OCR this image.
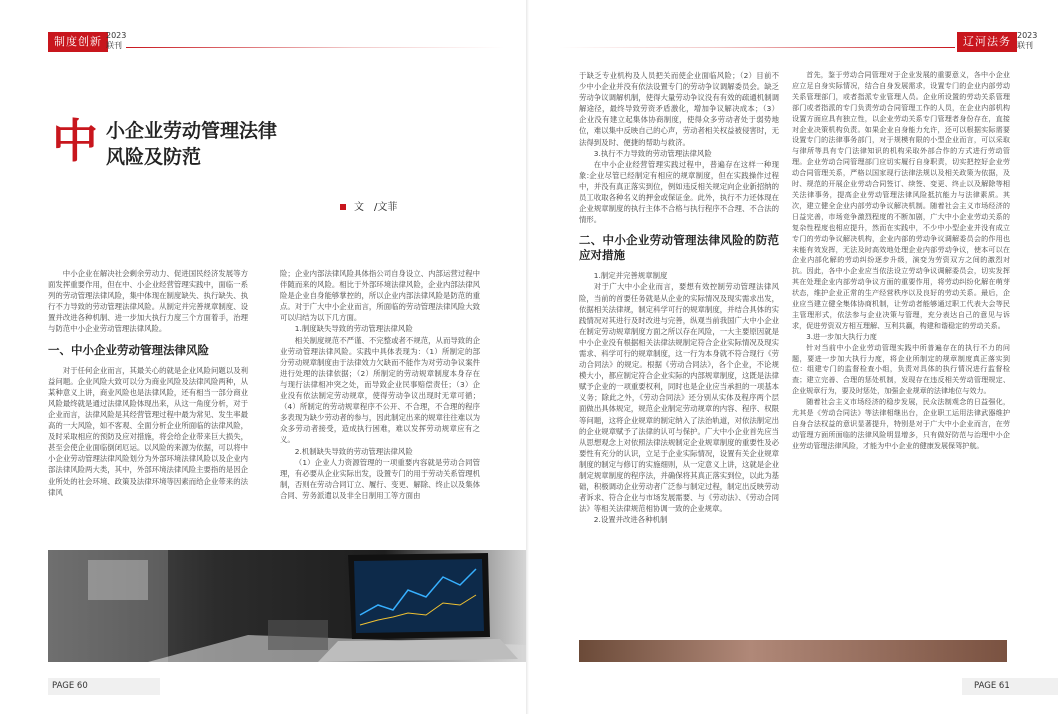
制度创新 2023
联刊
中 小企业劳动管理法律
风险及防范
文　/文菲

中小企业在解决社会剩余劳动力、促进国民经济发展等方面发挥重要作用，但在中、小企业经营管理实践中，面临一系列的劳动管理法律风险，集中体现在制度缺失、执行缺失、执行不力导致的劳动管理法律风险。从制定并完善规章制度、设置并改进各种机制、进一步加大执行力度三个方面着手，治理与防范中小企业劳动管理法律风险。

一、中小企业劳动管理法律风险

对于任何企业而言，其最关心的就是企业风险问题以及利益问题。企业风险大致可以分为商业风险及法律风险两种，从某种意义上讲，商业风险也是法律风险，还有相当一部分商业风险最终就是通过法律风险体现出来，从这一角度分析，对于企业而言，法律风险是其经营管理过程中最为常见、发生率最高的一大风险，如不客观、全面分析企业所面临的法律风险，及时采取相应的预防及应对措施，将会给企业带来巨大损失，甚至会使企业面临倒闭厄运。以风险的来源为依据，可以将中小企业劳动管理法律风险划分为外部环境法律风险以及企业内部法律风险两大类，其中，外部环境法律风险主要指的是因企业所处的社会环境、政策及法律环境等因素而给企业带来的法律风

险；企业内部法律风险具体指公司自身设立、内部运营过程中伴随而来的风险。相比于外部环境法律风险，企业内部法律风险是企业自身能够掌控的，所以企业内部法律风险是防范的重点。对于广大中小企业而言，所面临的劳动管理法律风险大致可以归结为以下几方面。

1.制度缺失导致的劳动管理法律风险

相关制度规范不严谨、不完整或者不规范，从而导致的企业劳动管理法律风险。实践中具体表现为：（1）所制定的部分劳动规章制度由于法律效力欠缺而不能作为对劳动争议案件进行处理的法律依据；（2）所制定的劳动规章制度本身存在与现行法律相冲突之处，而导致企业民事赔偿责任；（3）企业没有依法制定劳动规章，使得劳动争议出现时无章可循；（4）所制定的劳动规章程序不公开、不合理，不合理的程序多表现为缺少劳动者的参与，因此制定出来的规章往往难以为众多劳动者接受，造成执行困难，难以发挥劳动规章应有之义。

2.机制缺失导致的劳动管理法律风险

（1）企业人力资源管理的一项重要内容就是劳动合同管理，有必要从企业实际出发，设置专门的用于劳动关系管理机制，否则在劳动合同订立、履行、变更、解除、终止以及集体合同、劳务派遣以及非全日制用工等方面由

PAGE 60
辽河法务 2023
联刊

于缺乏专业机构及人员把关而使企业面临风险；（2）目前不少中小企业并没有依法设置专门的劳动争议调解委员会。缺乏劳动争议调解机制，使得大量劳动争议没有有效的疏通机制调解途径，最终导致劳资矛盾激化，增加争议解决成本；（3）企业没有建立起集体协商制度，使得众多劳动者处于弱势地位，难以集中反映自己的心声，劳动者相关权益被侵害时，无法得到及时、便捷的帮助与救济。

3.执行不力导致的劳动管理法律风险

在中小企业经营管理实践过程中，普遍存在这样一种现象:企业尽管已经制定有相应的规章制度，但在实践操作过程中，并没有真正落实到位，例如违反相关规定向企业新招纳的员工收取各种名义的押金或保证金。此外，执行不力还体现在企业规章制度的执行主体不合格与执行程序不合理、不合法的情形。

二、中小企业劳动管理法律风险的防范应对措施

1.制定并完善规章制度

对于广大中小企业而言，要想有效控制劳动管理法律风险，当前的首要任务就是从企业的实际情况及现实需求出发，依据相关法律规，制定科学可行的规章制度，并结合具体的实践情况对其进行及时改进与完善，纵观当前我国广大中小企业在制定劳动规章制度方面之所以存在风险，一大主要原因就是中小企业没有根据相关法律法规制定符合企业实际情况及现实需求、科学可行的规章制度，这一行为本身就不符合现行《劳动合同法》的规定。根据《劳动合同法》，各个企业，不论规模大小，都应制定符合企业实际的内部规章制度，这既是法律赋予企业的一项重要权利，同时也是企业应当承担的一项基本义务；除此之外，《劳动合同法》还分别从实体及程序两个层面做出具体规定，规范企业制定劳动规章的内容、程序、权限等问题，这将企业规章的制定纳入了法治轨道，对依法制定出的企业规章赋予了法律的认可与保护。广大中小企业首先应当从思想观念上对依照法律法规制定企业规章制度的重要性及必要性有充分的认识，立足于企业实际情况，设置有关企业规章制度的制定与修订的实施细则，从一定意义上讲，这就是企业制定规章制度的程序法，并确保将其真正落实到位，以此为基础，积极调动企业劳动者广泛参与制定过程，制定出反映劳动者诉求、符合企业与市场发展需要、与《劳动法》、《劳动合同法》等相关法律规范相协调一致的企业规章。

2.设置并改进各种机制

首先，鉴于劳动合同管理对于企业发展的重要意义，各中小企业应立足自身实际情况，结合自身发展需求，设置专门的企业内部劳动关系管理部门，或者指派专业管理人员。企业所设置的劳动关系管理部门或者指派的专门负责劳动合同管理工作的人员，在企业内部机构设置方面应具有独立性，以企业劳动关系专门管理者身份存在，直接对企业决策机构负责。如果企业自身能力允许，还可以根据实际需要设置专门的法律事务部门，对于规模有限的小型企业而言，可以采取与律所等具有专门法律知识的机构采取外部合作的方式进行劳动管理。企业劳动合同管理部门应切实履行自身职责，切实把控好企业劳动合同管理关系，严格以国家现行法律法规以及相关政策为依据，及时、规范的开展企业劳动合同签订、续签、变更、终止以及解除等相关法律事务，提高企业劳动管理法律风险抵抗能力与法律素质。其次，建立健全企业内部劳动争议解决机制。随着社会主义市场经济的日益完善，市场竞争激烈程度的不断加剧，广大中小企业劳动关系的复杂性程度也相应提升，然而在实践中，不少中小型企业并没有成立专门的劳动争议解决机构，企业内部的劳动争议调解委员会的作用也未能有效发挥，无法及时高效地处理企业内部劳动争议，使本可以在企业内部化解的劳动纠纷逐步升级，演变为劳资双方之间的激烈对抗。因此，各中小企业应当依法设立劳动争议调解委员会，切实发挥其在处理企业内部劳动争议方面的重要作用，将劳动纠纷化解在萌芽状态，维护企业正常的生产经营秩序以及良好的劳动关系。最后，企业应当建立健全集体协商机制，让劳动者能够通过职工代表大会等民主管理形式，依法参与企业决策与管理，充分表达自己的意见与诉求，促进劳资双方相互理解、互利共赢，构建和谐稳定的劳动关系。

3.进一步加大执行力度

针对当前中小企业劳动管理实践中所普遍存在的执行不力的问题，要进一步加大执行力度，将企业所制定的规章制度真正落实到位：组建专门的监督检查小组，负责对具体的执行情况进行监督检查；建立完善、合理的惩处机制，发现存在违反相关劳动管理规定、企业规章行为，要及时惩处，加强企业规章的法律地位与效力。

随着社会主义市场经济的稳步发展，民众法制观念的日益强化，尤其是《劳动合同法》等法律相继出台，企业职工运用法律武器维护自身合法权益的意识显著提升，特别是对于广大中小企业而言，在劳动管理方面所面临的法律风险明显增多，只有做好防范与治理中小企业劳动管理法律风险，才能为中小企业的健康发展保驾护航。

PAGE 61
